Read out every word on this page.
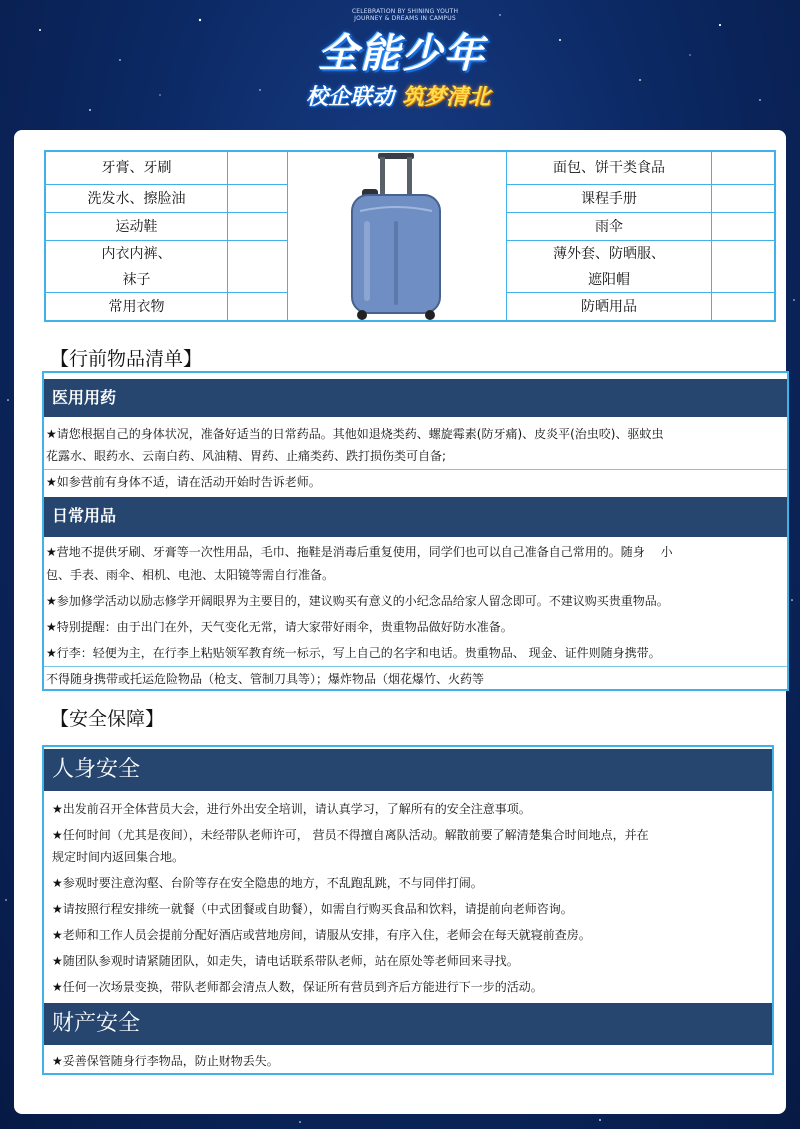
CELEBRATION BY SHINING YOUTH
JOURNEY & DREAMS IN CAMPUS
全能少年
校企联动 筑梦清北
牙膏、牙刷
洗发水、擦脸油
运动鞋
内衣内裤、
袜子
常用衣物
面包、饼干类食品
课程手册
雨伞
薄外套、防晒服、
遮阳帽
防晒用品
【行前物品清单】
医用用药
★请您根据自己的身体状况，准备好适当的日常药品。其他如退烧类药、螺旋霉素(防牙痛)、皮炎平(治虫咬)、驱蚊虫
花露水、眼药水、云南白药、风油精、胃药、止痛类药、跌打损伤类可自备;
★如参营前有身体不适，请在活动开始时告诉老师。
日常用品
★营地不提供牙刷、牙膏等一次性用品，毛巾、拖鞋是消毒后重复使用，同学们也可以自己准备自己常用的。随身　 小
包、手表、雨伞、相机、电池、太阳镜等需自行准备。
★参加修学活动以励志修学开阔眼界为主要目的，建议购买有意义的小纪念品给家人留念即可。不建议购买贵重物品。
★特别提醒：由于出门在外，天气变化无常，请大家带好雨伞，贵重物品做好防水准备。
★行李：轻便为主，在行李上粘贴领军教育统一标示，写上自己的名字和电话。贵重物品、 现金、证件则随身携带。
不得随身携带或托运危险物品（枪支、管制刀具等）；爆炸物品（烟花爆竹、火药等
【安全保障】
人身安全
★出发前召开全体营员大会，进行外出安全培训，请认真学习，了解所有的安全注意事项。
★任何时间（尤其是夜间），未经带队老师许可， 营员不得擅自离队活动。解散前要了解清楚集合时间地点，并在
规定时间内返回集合地。
★参观时要注意沟壑、台阶等存在安全隐患的地方，不乱跑乱跳，不与同伴打闹。
★请按照行程安排统一就餐（中式团餐或自助餐），如需自行购买食品和饮料，请提前向老师咨询。
★老师和工作人员会提前分配好酒店或营地房间，请服从安排，有序入住，老师会在每天就寝前查房。
★随团队参观时请紧随团队，如走失，请电话联系带队老师，站在原处等老师回来寻找。
★任何一次场景变换，带队老师都会清点人数，保证所有营员到齐后方能进行下一步的活动。
财产安全
★妥善保管随身行李物品，防止财物丢失。
